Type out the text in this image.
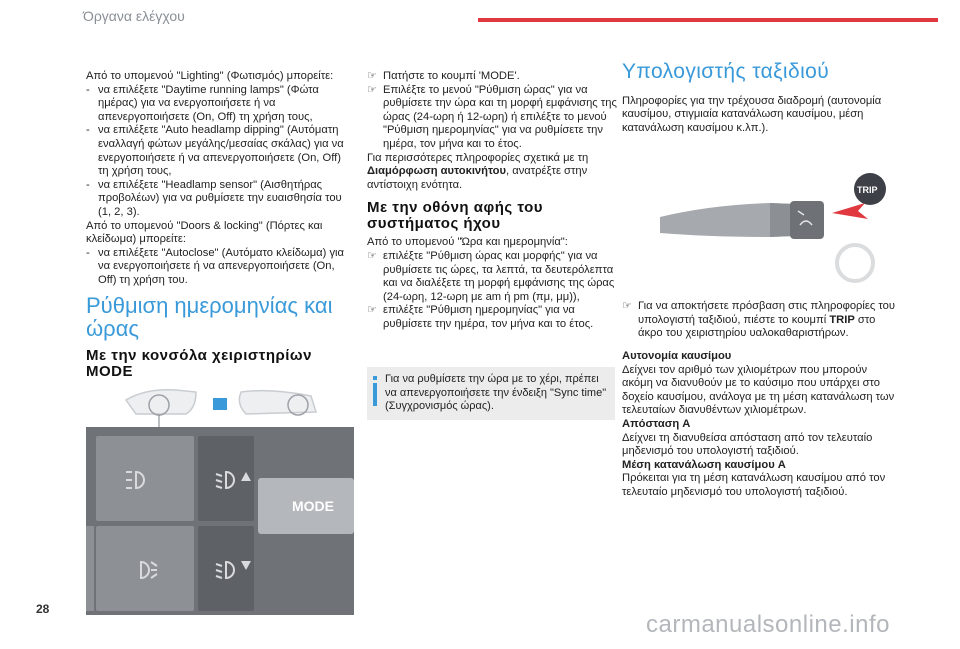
Όργανα ελέγχου

Από το υπομενού "Lighting" (Φωτισμός) μπορείτε:

- να επιλέξετε "Daytime running lamps" (Φώτα ημέρας) για να ενεργοποιήσετε ή να απενεργοποιήσετε (On, Off) τη χρήση τους,
- να επιλέξετε "Auto headlamp dipping" (Αυτόματη εναλλαγή φώτων μεγάλης/μεσαίας σκάλας) για να ενεργοποιήσετε ή να απενεργοποιήσετε (On, Off) τη χρήση τους,
- να επιλέξετε "Headlamp sensor" (Αισθητήρας προβολέων) για να ρυθμίσετε την ευαισθησία του (1, 2, 3).

Από το υπομενού "Doors & locking" (Πόρτες και κλείδωμα) μπορείτε:

- να επιλέξετε "Autoclose" (Αυτόματο κλείδωμα) για να ενεργοποιήσετε ή να απενεργοποιήσετε (On, Off) τη χρήση του.
Ρύθμιση ημερομηνίας και ώρας
Με την κονσόλα χειριστηρίων MODE
MODE
☞ Πατήστε το κουμπί 'MODE'.
☞ Επιλέξτε το μενού "Ρύθμιση ώρας" για να ρυθμίσετε την ώρα και τη μορφή εμφάνισης της ώρας (24-ωρη ή 12-ωρη) ή επιλέξτε το μενού "Ρύθμιση ημερομηνίας" για να ρυθμίσετε την ημέρα, τον μήνα και το έτος.

Για περισσότερες πληροφορίες σχετικά με τη Διαμόρφωση αυτοκινήτου, ανατρέξτε στην αντίστοιχη ενότητα.

Με την οθόνη αφής του συστήματος ήχου

Από το υπομενού "Ώρα και ημερομηνία":

☞ επιλέξτε "Ρύθμιση ώρας και μορφής" για να ρυθμίσετε τις ώρες, τα λεπτά, τα δευτερόλεπτα και να διαλέξετε τη μορφή εμφάνισης της ώρας (24-ωρη, 12-ωρη με am ή pm (πμ, μμ)),
☞ επιλέξτε "Ρύθμιση ημερομηνίας" για να ρυθμίσετε την ημέρα, τον μήνα και το έτος.
Για να ρυθμίσετε την ώρα με το χέρι, πρέπει να απενεργοποιήσετε την ένδειξη "Sync time" (Συγχρονισμός ώρας).
Υπολογιστής ταξιδιού

Πληροφορίες για την τρέχουσα διαδρομή (αυτονομία καυσίμου, στιγμιαία κατανάλωση καυσίμου, μέση κατανάλωση καυσίμου κ.λπ.).

TRIP
☞ Για να αποκτήσετε πρόσβαση στις πληροφορίες του υπολογιστή ταξιδιού, πιέστε το κουμπί TRIP στο άκρο του χειριστηρίου υαλοκαθαριστήρων.

Αυτονομία καυσίμου

Δείχνει τον αριθμό των χιλιομέτρων που μπορούν ακόμη να διανυθούν με το καύσιμο που υπάρχει στο δοχείο καυσίμου, ανάλογα με τη μέση κατανάλωση των τελευταίων διανυθέντων χιλιομέτρων.

Απόσταση A

Δείχνει τη διανυθείσα απόσταση από τον τελευταίο μηδενισμό του υπολογιστή ταξιδιού.

Μέση κατανάλωση καυσίμου A

Πρόκειται για τη μέση κατανάλωση καυσίμου από τον τελευταίο μηδενισμό του υπολογιστή ταξιδιού.

28
carmanualsonline.info
